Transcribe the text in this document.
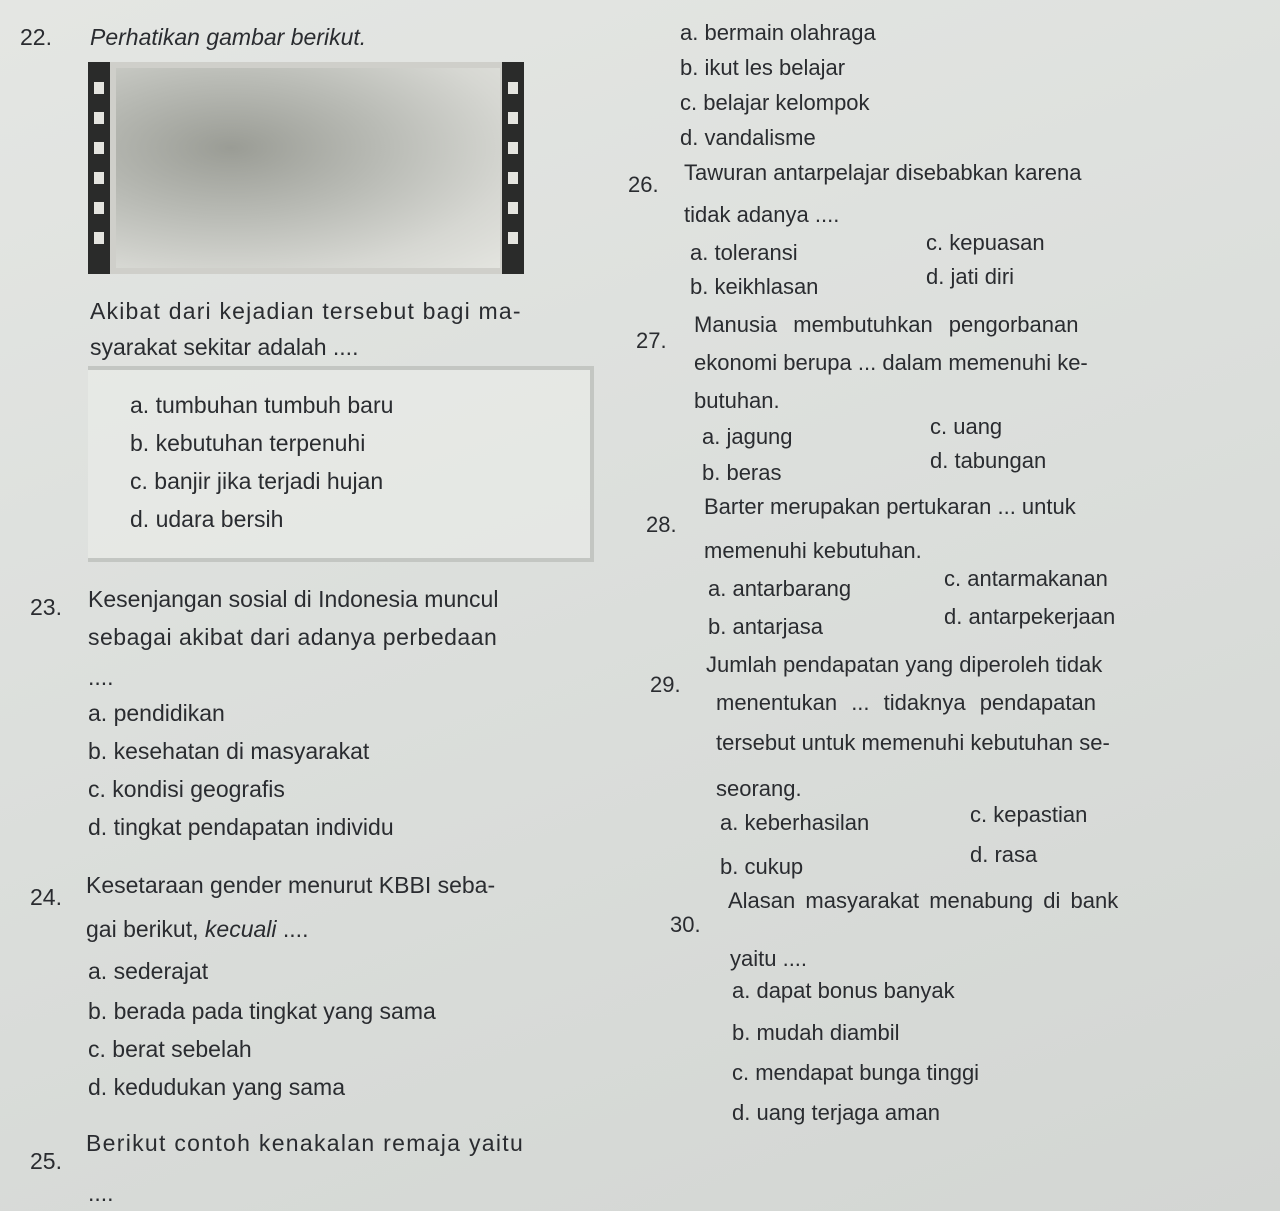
22. Perhatikan gambar berikut.
Akibat dari kejadian tersebut bagi ma-
syarakat sekitar adalah ....
a. tumbuhan tumbuh baru
b. kebutuhan terpenuhi
c. banjir jika terjadi hujan
d. udara bersih
23. Kesenjangan sosial di Indonesia muncul
sebagai akibat dari adanya perbedaan
....
a. pendidikan
b. kesehatan di masyarakat
c. kondisi geografis
d. tingkat pendapatan individu
24. Kesetaraan gender menurut KBBI seba-
gai berikut, kecuali ....
a. sederajat
b. berada pada tingkat yang sama
c. berat sebelah
d. kedudukan yang sama
25.
Berikut contoh kenakalan remaja yaitu
....
a. bermain olahraga
b. ikut les belajar
c. belajar kelompok
d. vandalisme
26. Tawuran antarpelajar disebabkan karena
tidak adanya ....
a. toleransi
b. keikhlasan
c. kepuasan
d. jati diri
27.
Manusia membutuhkan pengorbanan
ekonomi berupa ... dalam memenuhi ke-
butuhan.
a. jagung
b. beras
c. uang
d. tabungan
28.
Barter merupakan pertukaran ... untuk
memenuhi kebutuhan.
a. antarbarang
b. antarjasa
c. antarmakanan
d. antarpekerjaan
29.
Jumlah pendapatan yang diperoleh tidak
menentukan ... tidaknya pendapatan
tersebut untuk memenuhi kebutuhan se-
seorang.
a. keberhasilan
b. cukup
c. kepastian
d. rasa
30.
Alasan masyarakat menabung di bank
yaitu ....
a. dapat bonus banyak
b. mudah diambil
c. mendapat bunga tinggi
d. uang terjaga aman
